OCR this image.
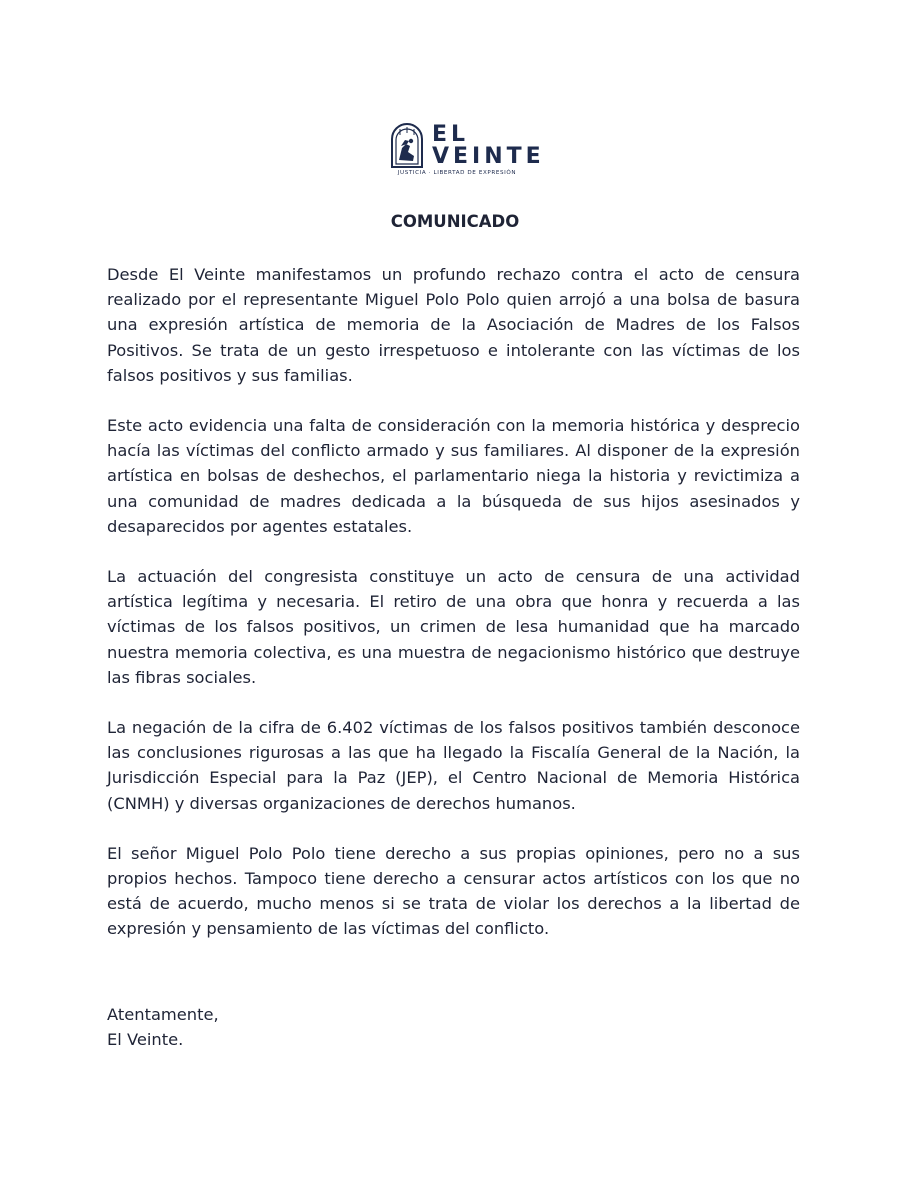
EL
VEINTE
JUSTICIA · LIBERTAD DE EXPRESIÓN
COMUNICADO

Desde El Veinte manifestamos un profundo rechazo contra el acto de censura realizado por el representante Miguel Polo Polo quien arrojó a una bolsa de basura una expresión artística de memoria de la Asociación de Madres de los Falsos Positivos. Se trata de un gesto irrespetuoso e intolerante con las víctimas de los falsos positivos y sus familias.

Este acto evidencia una falta de consideración con la memoria histórica y desprecio hacía las víctimas del conflicto armado y sus familiares. Al disponer de la expresión artística en bolsas de deshechos, el parlamentario niega la historia y revictimiza a una comunidad de madres dedicada a la búsqueda de sus hijos asesinados y desaparecidos por agentes estatales.

La actuación del congresista constituye un acto de censura de una actividad artística legítima y necesaria. El retiro de una obra que honra y recuerda a las víctimas de los falsos positivos, un crimen de lesa humanidad que ha marcado nuestra memoria colectiva, es una muestra de negacionismo histórico que destruye las fibras sociales.

La negación de la cifra de 6.402 víctimas de los falsos positivos también desconoce las conclusiones rigurosas a las que ha llegado la Fiscalía General de la Nación, la Jurisdicción Especial para la Paz (JEP), el Centro Nacional de Memoria Histórica (CNMH) y diversas organizaciones de derechos humanos.

El señor Miguel Polo Polo tiene derecho a sus propias opiniones, pero no a sus propios hechos. Tampoco tiene derecho a censurar actos artísticos con los que no está de acuerdo, mucho menos si se trata de violar los derechos a la libertad de expresión y pensamiento de las víctimas del conflicto.

Atentamente,
El Veinte.
